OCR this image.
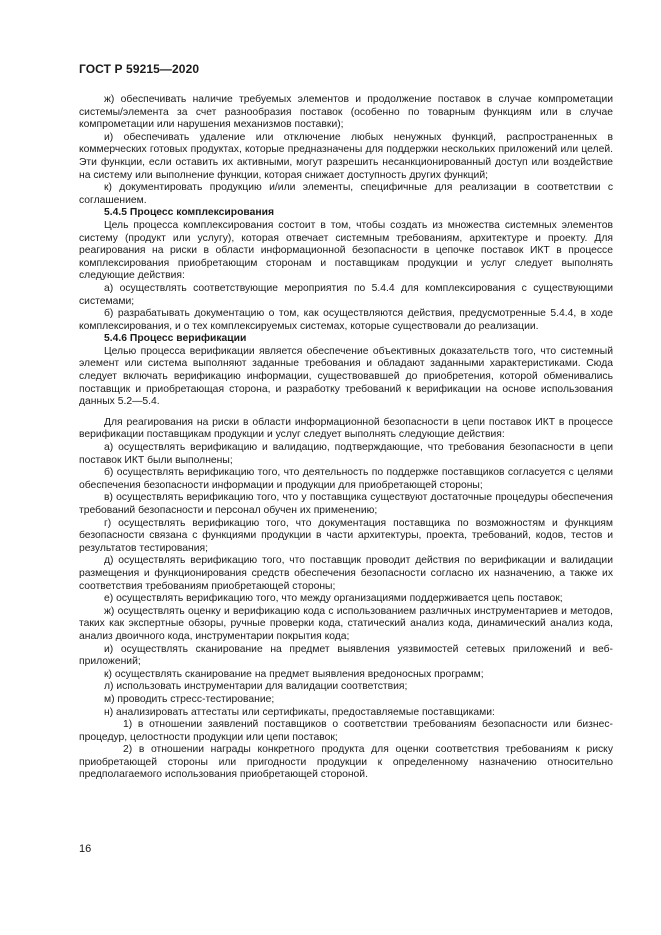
ГОСТ Р 59215—2020

ж) обеспечивать наличие требуемых элементов и продолжение поставок в случае компрометации системы/элемента за счет разнообразия поставок (особенно по товарным функциям или в случае компрометации или нарушения механизмов поставки);

и) обеспечивать удаление или отключение любых ненужных функций, распространенных в коммерческих готовых продуктах, которые предназначены для поддержки нескольких приложений или целей. Эти функции, если оставить их активными, могут разрешить несанкционированный доступ или воздействие на систему или выполнение функции, которая снижает доступность других функций;

к) документировать продукцию и/или элементы, специфичные для реализации в соответствии с соглашением.

5.4.5 Процесс комплексирования

Цель процесса комплексирования состоит в том, чтобы создать из множества системных элементов систему (продукт или услугу), которая отвечает системным требованиям, архитектуре и проекту. Для реагирования на риски в области информационной безопасности в цепочке поставок ИКТ в процессе комплексирования приобретающим сторонам и поставщикам продукции и услуг следует выполнять следующие действия:

а) осуществлять соответствующие мероприятия по 5.4.4 для комплексирования с существующими системами;

б) разрабатывать документацию о том, как осуществляются действия, предусмотренные 5.4.4, в ходе комплексирования, и о тех комплексируемых системах, которые существовали до реализации.

5.4.6 Процесс верификации

Целью процесса верификации является обеспечение объективных доказательств того, что системный элемент или система выполняют заданные требования и обладают заданными характеристиками. Сюда следует включать верификацию информации, существовавшей до приобретения, которой обменивались поставщик и приобретающая сторона, и разработку требований к верификации на основе использования данных 5.2—5.4.

Для реагирования на риски в области информационной безопасности в цепи поставок ИКТ в процессе верификации поставщикам продукции и услуг следует выполнять следующие действия:

а) осуществлять верификацию и валидацию, подтверждающие, что требования безопасности в цепи поставок ИКТ были выполнены;

б) осуществлять верификацию того, что деятельность по поддержке поставщиков согласуется с целями обеспечения безопасности информации и продукции для приобретающей стороны;

в) осуществлять верификацию того, что у поставщика существуют достаточные процедуры обеспечения требований безопасности и персонал обучен их применению;

г) осуществлять верификацию того, что документация поставщика по возможностям и функциям безопасности связана с функциями продукции в части архитектуры, проекта, требований, кодов, тестов и результатов тестирования;

д) осуществлять верификацию того, что поставщик проводит действия по верификации и валидации размещения и функционирования средств обеспечения безопасности согласно их назначению, а также их соответствия требованиям приобретающей стороны;

е) осуществлять верификацию того, что между организациями поддерживается цепь поставок;

ж) осуществлять оценку и верификацию кода с использованием различных инструментариев и методов, таких как экспертные обзоры, ручные проверки кода, статический анализ кода, динамический анализ кода, анализ двоичного кода, инструментарии покрытия кода;

и) осуществлять сканирование на предмет выявления уязвимостей сетевых приложений и веб-приложений;

к) осуществлять сканирование на предмет выявления вредоносных программ;

л) использовать инструментарии для валидации соответствия;

м) проводить стресс-тестирование;

н) анализировать аттестаты или сертификаты, предоставляемые поставщиками:

1) в отношении заявлений поставщиков о соответствии требованиям безопасности или бизнес-процедур, целостности продукции или цепи поставок;

2) в отношении награды конкретного продукта для оценки соответствия требованиям к риску приобретающей стороны или пригодности продукции к определенному назначению относительно предполагаемого использования приобретающей стороной.

16
